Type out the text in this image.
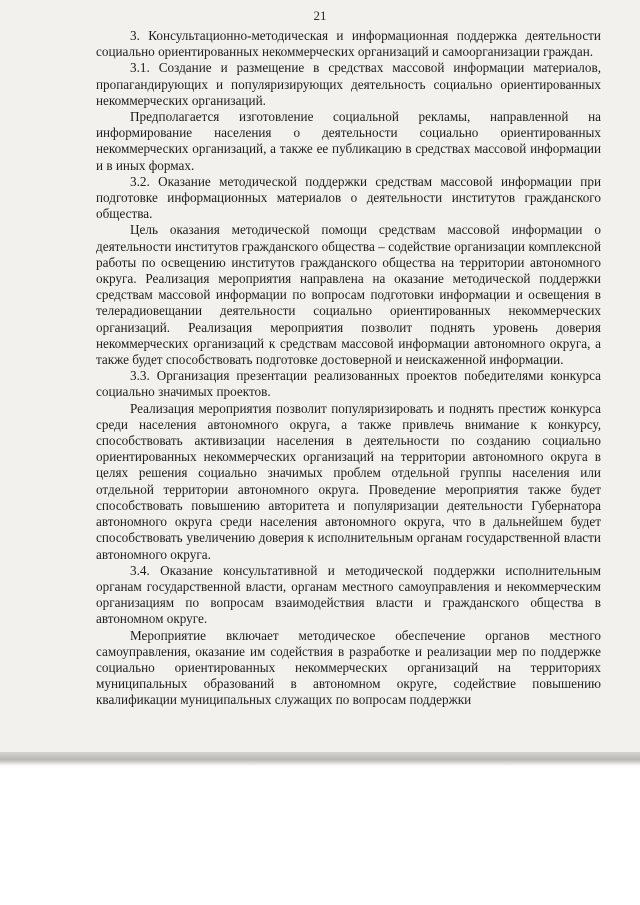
21

3. Консультационно-методическая и информационная поддержка деятельности социально ориентированных некоммерческих организаций и самоорганизации граждан.

3.1. Создание и размещение в средствах массовой информации материалов, пропагандирующих и популяризирующих деятельность социально ориентированных некоммерческих организаций.

Предполагается изготовление социальной рекламы, направленной на информирование населения о деятельности социально ориентированных некоммерческих организаций, а также ее публикацию в средствах массовой информации и в иных формах.

3.2. Оказание методической поддержки средствам массовой информации при подготовке информационных материалов о деятельности институтов гражданского общества.

Цель оказания методической помощи средствам массовой информации о деятельности институтов гражданского общества – содействие организации комплексной работы по освещению институтов гражданского общества на территории автономного округа. Реализация мероприятия направлена на оказание методической поддержки средствам массовой информации по вопросам подготовки информации и освещения в телерадиовещании деятельности социально ориентированных некоммерческих организаций. Реализация мероприятия позволит поднять уровень доверия некоммерческих организаций к средствам массовой информации автономного округа, а также будет способствовать подготовке достоверной и неискаженной информации.

3.3. Организация презентации реализованных проектов победителями конкурса социально значимых проектов.

Реализация мероприятия позволит популяризировать и поднять престиж конкурса среди населения автономного округа, а также привлечь внимание к конкурсу, способствовать активизации населения в деятельности по созданию социально ориентированных некоммерческих организаций на территории автономного округа в целях решения социально значимых проблем отдельной группы населения или отдельной территории автономного округа. Проведение мероприятия также будет способствовать повышению авторитета и популяризации деятельности Губернатора автономного округа среди населения автономного округа, что в дальнейшем будет способствовать увеличению доверия к исполнительным органам государственной власти автономного округа.

3.4. Оказание консультативной и методической поддержки исполнительным органам государственной власти, органам местного самоуправления и некоммерческим организациям по вопросам взаимодействия власти и гражданского общества в автономном округе.

Мероприятие включает методическое обеспечение органов местного самоуправления, оказание им содействия в разработке и реализации мер по поддержке социально ориентированных некоммерческих организаций на территориях муниципальных образований в автономном округе, содействие повышению квалификации муниципальных служащих по вопросам поддержки
